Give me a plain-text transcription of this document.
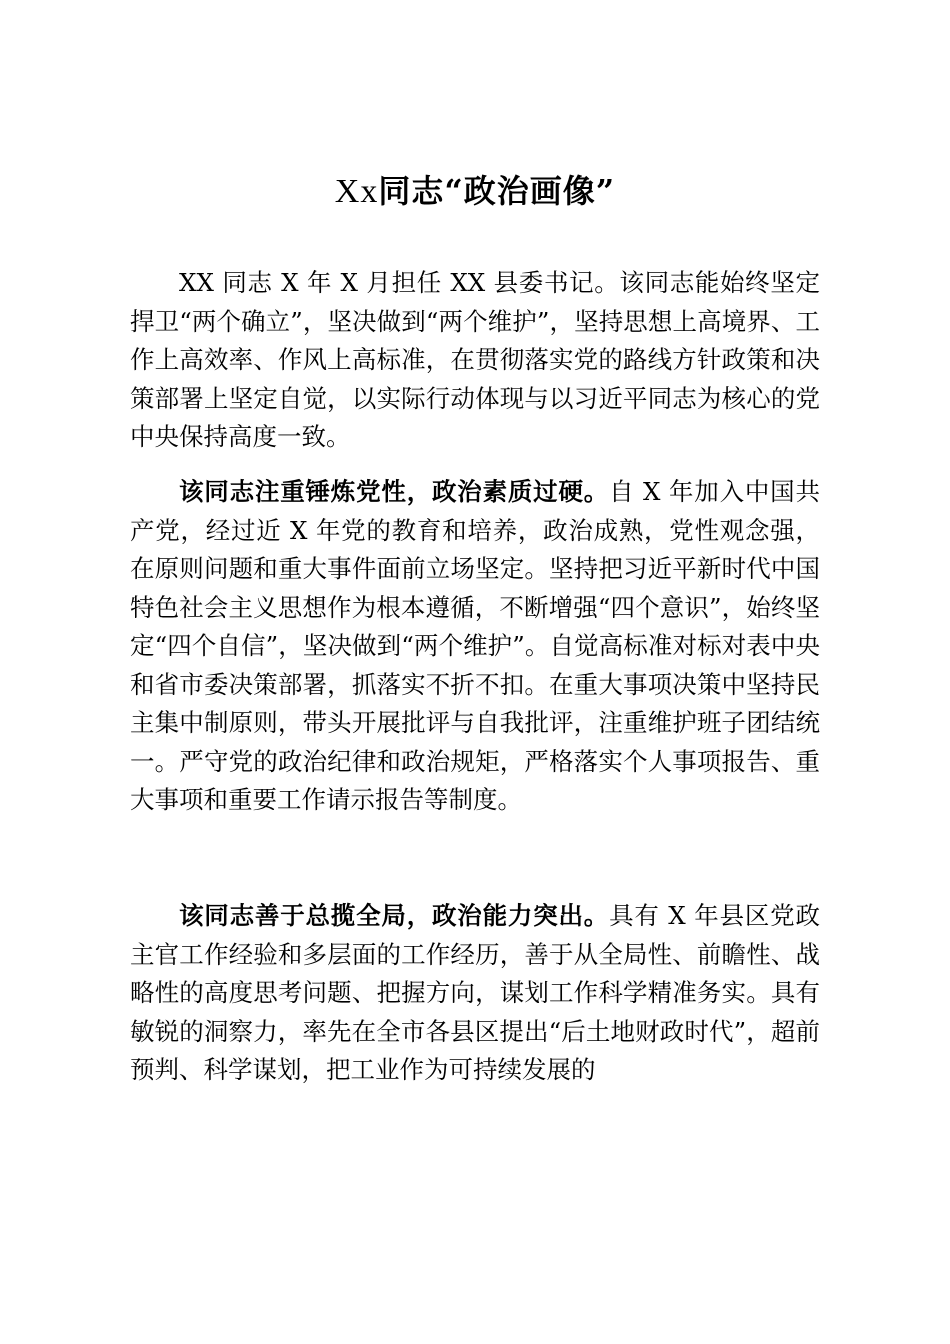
Xx同志“政治画像”

XX 同志 X 年 X 月担任 XX 县委书记。该同志能始终坚定捍卫“两个确立”，坚决做到“两个维护”，坚持思想上高境界、工作上高效率、作风上高标准，在贯彻落实党的路线方针政策和决策部署上坚定自觉，以实际行动体现与以习近平同志为核心的党中央保持高度一致。

该同志注重锤炼党性，政治素质过硬。自 X 年加入中国共产党，经过近 X 年党的教育和培养，政治成熟，党性观念强，在原则问题和重大事件面前立场坚定。坚持把习近平新时代中国特色社会主义思想作为根本遵循，不断增强“四个意识”，始终坚定“四个自信”，坚决做到“两个维护”。自觉高标准对标对表中央和省市委决策部署，抓落实不折不扣。在重大事项决策中坚持民主集中制原则，带头开展批评与自我批评，注重维护班子团结统一。严守党的政治纪律和政治规矩，严格落实个人事项报告、重大事项和重要工作请示报告等制度。

该同志善于总揽全局，政治能力突出。具有 X 年县区党政主官工作经验和多层面的工作经历，善于从全局性、前瞻性、战略性的高度思考问题、把握方向，谋划工作科学精准务实。具有敏锐的洞察力，率先在全市各县区提出“后土地财政时代”，超前预判、科学谋划，把工业作为可持续发展的
